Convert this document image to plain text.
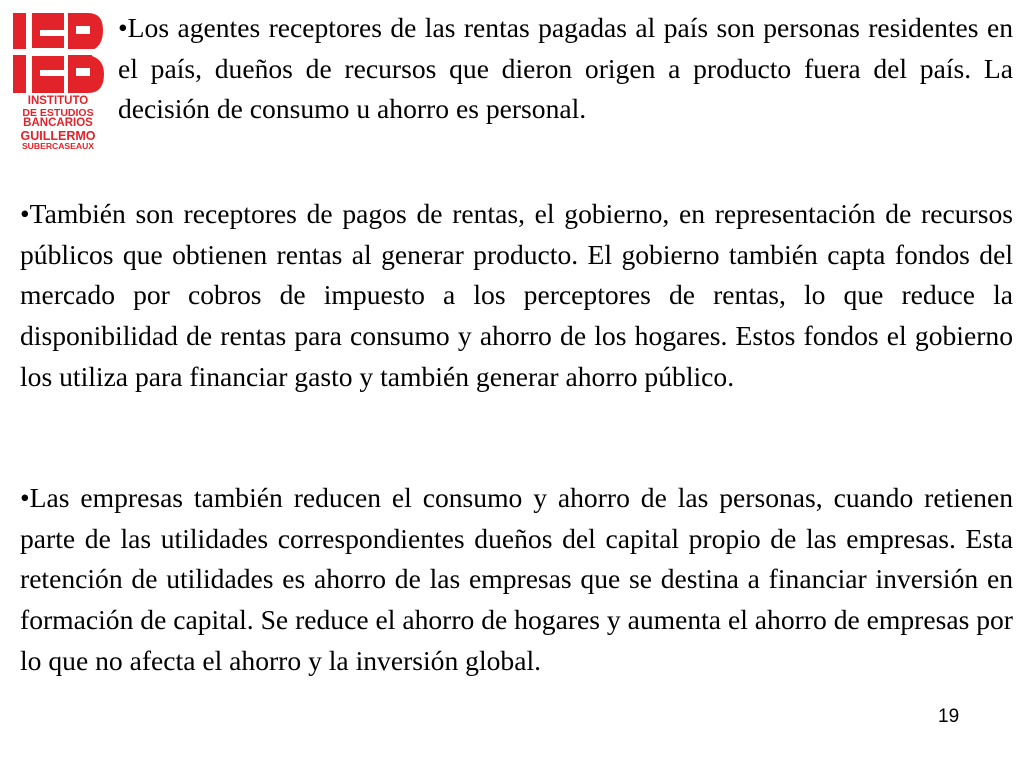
INSTITUTO
DE ESTUDIOS
BANCARIOS
GUILLERMO
SUBERCASEAUX

•Los agentes receptores de las rentas pagadas al país son personas residentes en el país, dueños de recursos que dieron origen a producto fuera del país. La decisión de consumo u ahorro es personal.

•También son receptores de pagos de rentas, el gobierno, en representación de recursos públicos que obtienen rentas al generar producto. El gobierno también capta fondos del mercado por cobros de impuesto a los perceptores de rentas, lo que reduce la disponibilidad de rentas para consumo y ahorro de los hogares. Estos fondos el gobierno los utiliza para financiar gasto y también generar ahorro público.

•Las empresas también reducen el consumo y ahorro de las personas, cuando retienen parte de las utilidades correspondientes dueños del capital propio de las empresas. Esta retención de utilidades es ahorro de las empresas que se destina a financiar inversión en formación de capital. Se reduce el ahorro de hogares y aumenta el ahorro de empresas por lo que no afecta el ahorro y la inversión global.

19
